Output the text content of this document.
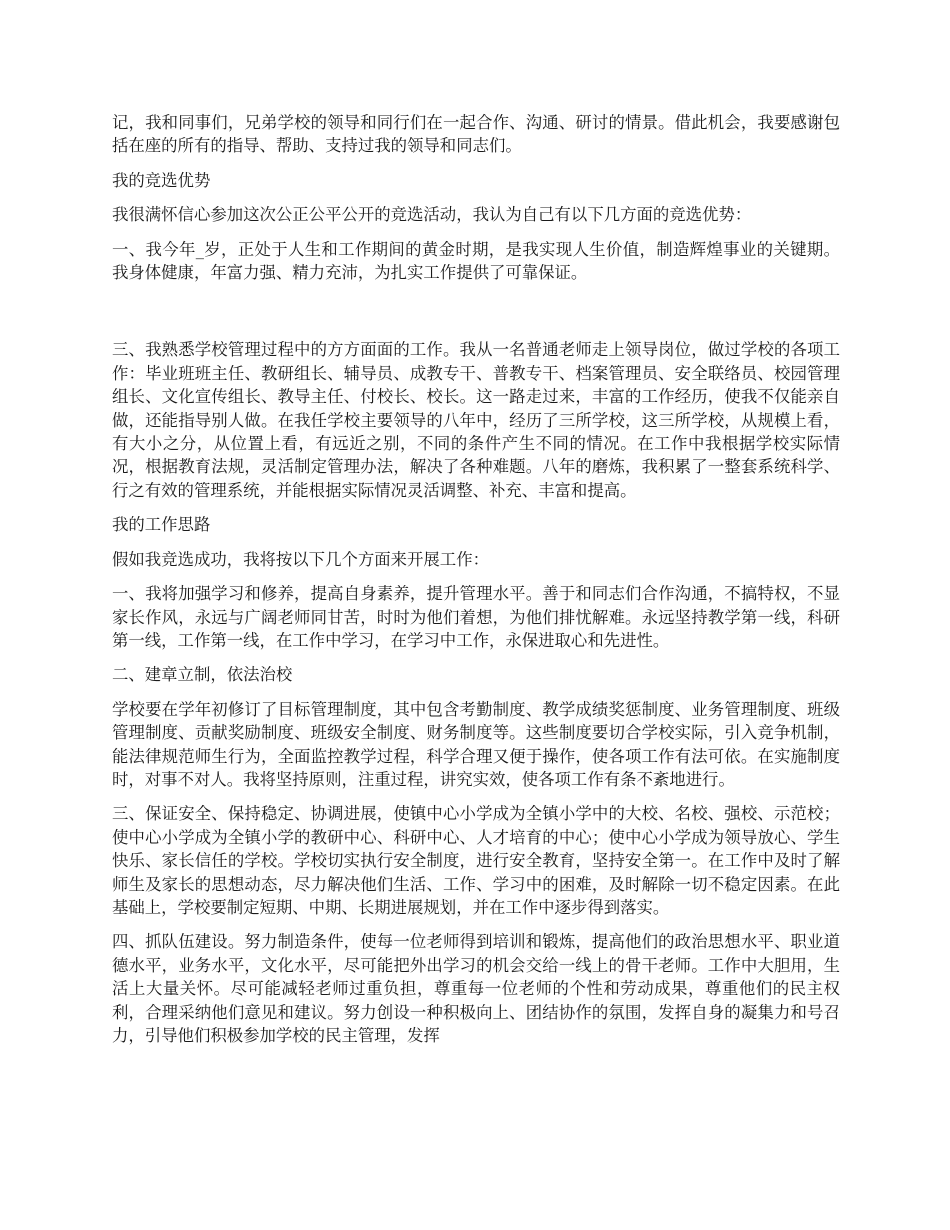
记，我和同事们，兄弟学校的领导和同行们在一起合作、沟通、研讨的情景。借此机会，我要感谢包括在座的所有的指导、帮助、支持过我的领导和同志们。

我的竞选优势

我很满怀信心参加这次公正公平公开的竞选活动，我认为自己有以下几方面的竞选优势：

一、我今年_岁，正处于人生和工作期间的黄金时期，是我实现人生价值，制造辉煌事业的关键期。我身体健康，年富力强、精力充沛，为扎实工作提供了可靠保证。

三、我熟悉学校管理过程中的方方面面的工作。我从一名普通老师走上领导岗位，做过学校的各项工作：毕业班班主任、教研组长、辅导员、成教专干、普教专干、档案管理员、安全联络员、校园管理组长、文化宣传组长、教导主任、付校长、校长。这一路走过来，丰富的工作经历，使我不仅能亲自做，还能指导别人做。在我任学校主要领导的八年中，经历了三所学校，这三所学校，从规模上看，有大小之分，从位置上看，有远近之别，不同的条件产生不同的情况。在工作中我根据学校实际情况，根据教育法规，灵活制定管理办法，解决了各种难题。八年的磨炼，我积累了一整套系统科学、行之有效的管理系统，并能根据实际情况灵活调整、补充、丰富和提高。

我的工作思路

假如我竞选成功，我将按以下几个方面来开展工作：

一、我将加强学习和修养，提高自身素养，提升管理水平。善于和同志们合作沟通，不搞特权，不显家长作风，永远与广阔老师同甘苦，时时为他们着想，为他们排忧解难。永远坚持教学第一线，科研第一线，工作第一线，在工作中学习，在学习中工作，永保进取心和先进性。

二、建章立制，依法治校

学校要在学年初修订了目标管理制度，其中包含考勤制度、教学成绩奖惩制度、业务管理制度、班级管理制度、贡献奖励制度、班级安全制度、财务制度等。这些制度要切合学校实际，引入竞争机制，能法律规范师生行为，全面监控教学过程，科学合理又便于操作，使各项工作有法可依。在实施制度时，对事不对人。我将坚持原则，注重过程，讲究实效，使各项工作有条不紊地进行。

三、保证安全、保持稳定、协调进展，使镇中心小学成为全镇小学中的大校、名校、强校、示范校；使中心小学成为全镇小学的教研中心、科研中心、人才培育的中心；使中心小学成为领导放心、学生快乐、家长信任的学校。学校切实执行安全制度，进行安全教育，坚持安全第一。在工作中及时了解师生及家长的思想动态，尽力解决他们生活、工作、学习中的困难，及时解除一切不稳定因素。在此基础上，学校要制定短期、中期、长期进展规划，并在工作中逐步得到落实。

四、抓队伍建设。努力制造条件，使每一位老师得到培训和锻炼，提高他们的政治思想水平、职业道德水平，业务水平，文化水平，尽可能把外出学习的机会交给一线上的骨干老师。工作中大胆用，生活上大量关怀。尽可能减轻老师过重负担，尊重每一位老师的个性和劳动成果，尊重他们的民主权利，合理采纳他们意见和建议。努力创设一种积极向上、团结协作的氛围，发挥自身的凝集力和号召力，引导他们积极参加学校的民主管理，发挥
